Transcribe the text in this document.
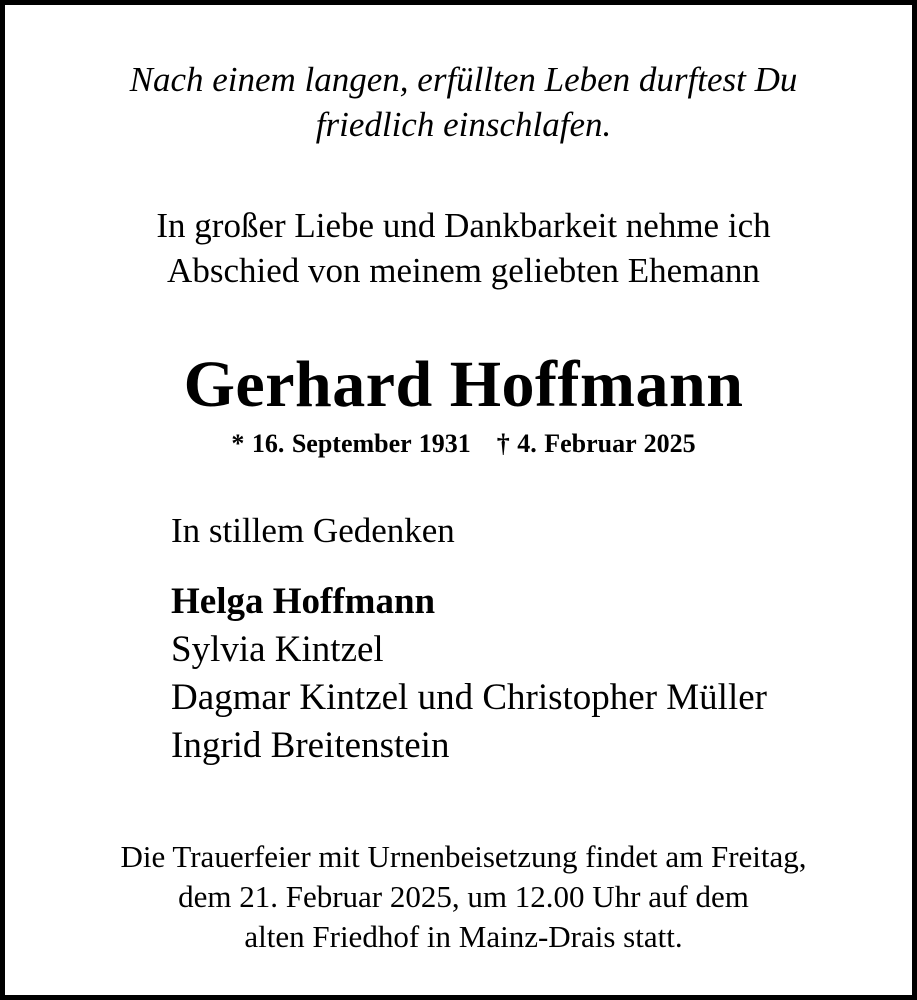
Nach einem langen, erfüllten Leben durftest Du
friedlich einschlafen.
In großer Liebe und Dankbarkeit nehme ich
Abschied von meinem geliebten Ehemann
Gerhard Hoffmann
* 16. September 1931 † 4. Februar 2025
In stillem Gedenken
Helga Hoffmann
Sylvia Kintzel
Dagmar Kintzel und Christopher Müller
Ingrid Breitenstein
Die Trauerfeier mit Urnenbeisetzung findet am Freitag,
dem 21. Februar 2025, um 12.00 Uhr auf dem
alten Friedhof in Mainz-Drais statt.
